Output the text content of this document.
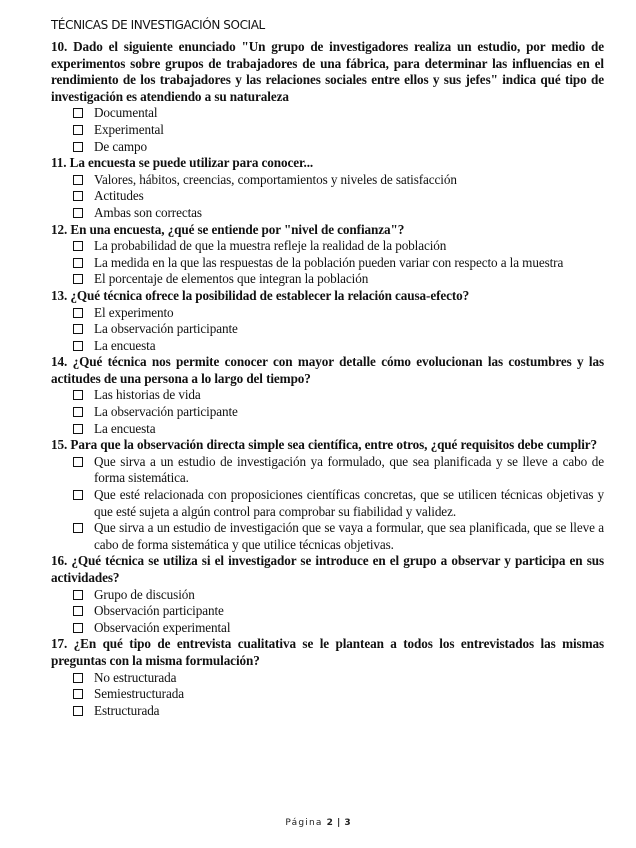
TÉCNICAS DE INVESTIGACIÓN SOCIAL

10. Dado el siguiente enunciado "Un grupo de investigadores realiza un estudio, por medio de experimentos sobre grupos de trabajadores de una fábrica, para determinar las influencias en el rendimiento de los trabajadores y las relaciones sociales entre ellos y sus jefes" indica qué tipo de investigación es atendiendo a su naturaleza

Documental
Experimental
De campo

11. La encuesta se puede utilizar para conocer...

Valores, hábitos, creencias, comportamientos y niveles de satisfacción
Actitudes
Ambas son correctas

12. En una encuesta, ¿qué se entiende por "nivel de confianza"?

La probabilidad de que la muestra refleje la realidad de la población
La medida en la que las respuestas de la población pueden variar con respecto a la muestra
El porcentaje de elementos que integran la población

13. ¿Qué técnica ofrece la posibilidad de establecer la relación causa-efecto?

El experimento
La observación participante
La encuesta

14. ¿Qué técnica nos permite conocer con mayor detalle cómo evolucionan las costumbres y las actitudes de una persona a lo largo del tiempo?

Las historias de vida
La observación participante
La encuesta

15. Para que la observación directa simple sea científica, entre otros, ¿qué requisitos debe cumplir?

Que sirva a un estudio de investigación ya formulado, que sea planificada y se lleve a cabo de forma sistemática.
Que esté relacionada con proposiciones científicas concretas, que se utilicen técnicas objetivas y que esté sujeta a algún control para comprobar su fiabilidad y validez.
Que sirva a un estudio de investigación que se vaya a formular, que sea planificada, que se lleve a cabo de forma sistemática y que utilice técnicas objetivas.

16. ¿Qué técnica se utiliza si el investigador se introduce en el grupo a observar y participa en sus actividades?

Grupo de discusión
Observación participante
Observación experimental

17. ¿En qué tipo de entrevista cualitativa se le plantean a todos los entrevistados las mismas preguntas con la misma formulación?

No estructurada
Semiestructurada
Estructurada
Página 2 | 3
